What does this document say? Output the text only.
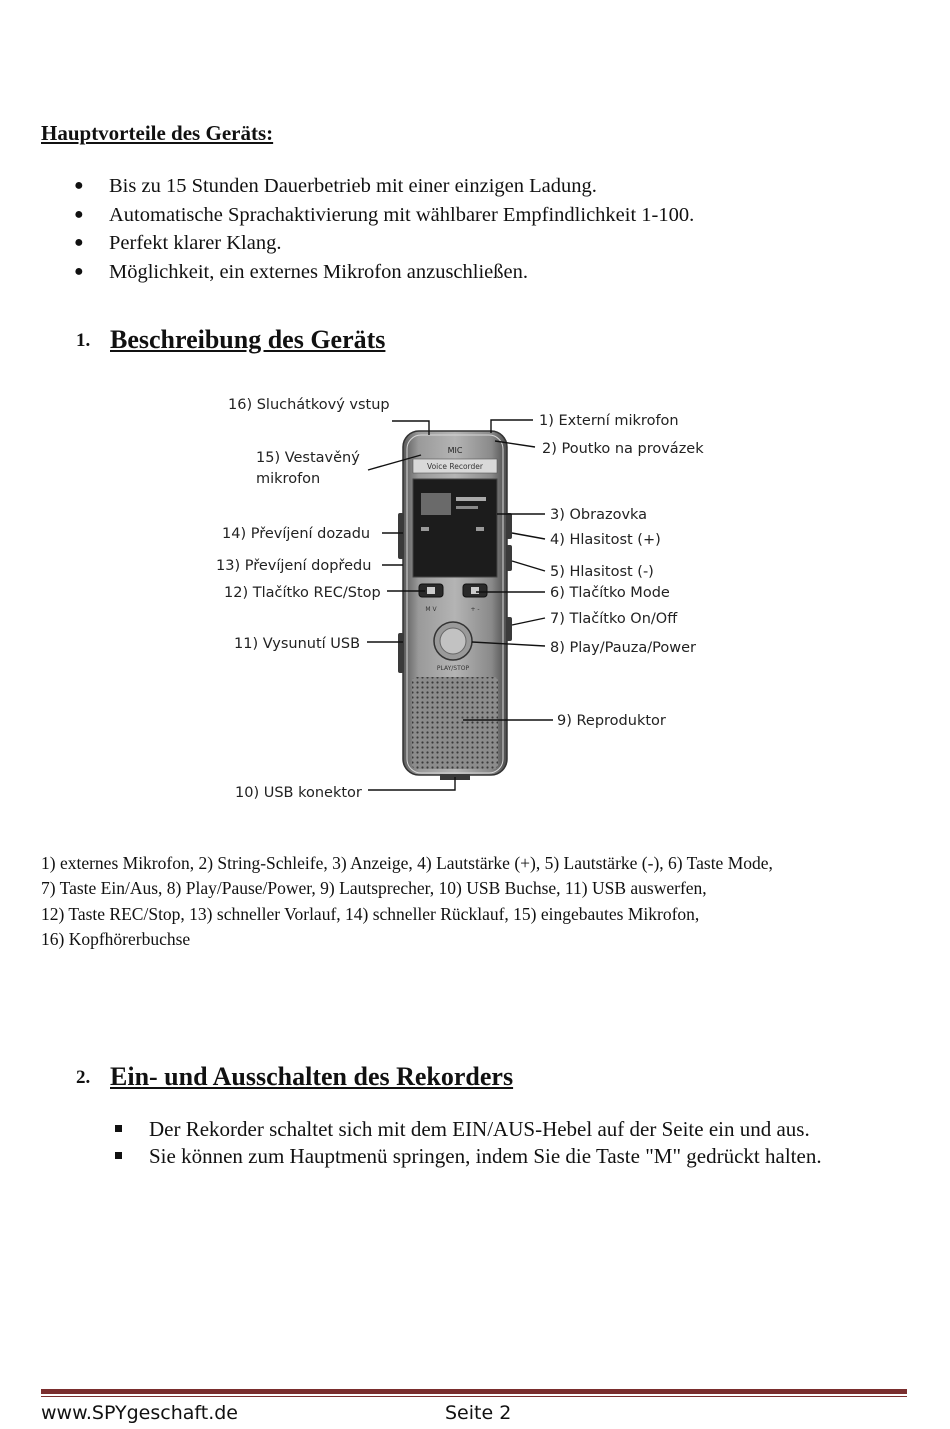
Hauptvorteile des Geräts:
● Bis zu 15 Stunden Dauerbetrieb mit einer einzigen Ladung.
● Automatische Sprachaktivierung mit wählbarer Empfindlichkeit 1-100.
● Perfekt klarer Klang.
● Möglichkeit, ein externes Mikrofon anzuschließen.
1. Beschreibung des Geräts
MIC
Voice Recorder
M V	+ -
PLAY/STOP
16) Sluchátkový vstup
15) Vestavěný
mikrofon
14) Převíjení dozadu
13) Převíjení dopředu
12) Tlačítko REC/Stop
11) Vysunutí USB
10) USB konektor
1) Externí mikrofon
2) Poutko na provázek
3) Obrazovka
4) Hlasitost (+)
5) Hlasitost (-)
6) Tlačítko Mode
7) Tlačítko On/Off
8) Play/Pauza/Power
9) Reproduktor
1) externes Mikrofon, 2) String-Schleife, 3) Anzeige, 4) Lautstärke (+), 5) Lautstärke (-), 6) Taste Mode,
7) Taste Ein/Aus, 8) Play/Pause/Power, 9) Lautsprecher, 10) USB Buchse, 11) USB auswerfen,
12) Taste REC/Stop, 13) schneller Vorlauf, 14) schneller Rücklauf, 15) eingebautes Mikrofon,
16) Kopfhörerbuchse
2. Ein- und Ausschalten des Rekorders
Der Rekorder schaltet sich mit dem EIN/AUS-Hebel auf der Seite ein und aus.
Sie können zum Hauptmenü springen, indem Sie die Taste "M" gedrückt halten.
www.SPYgeschaft.de	Seite 2
